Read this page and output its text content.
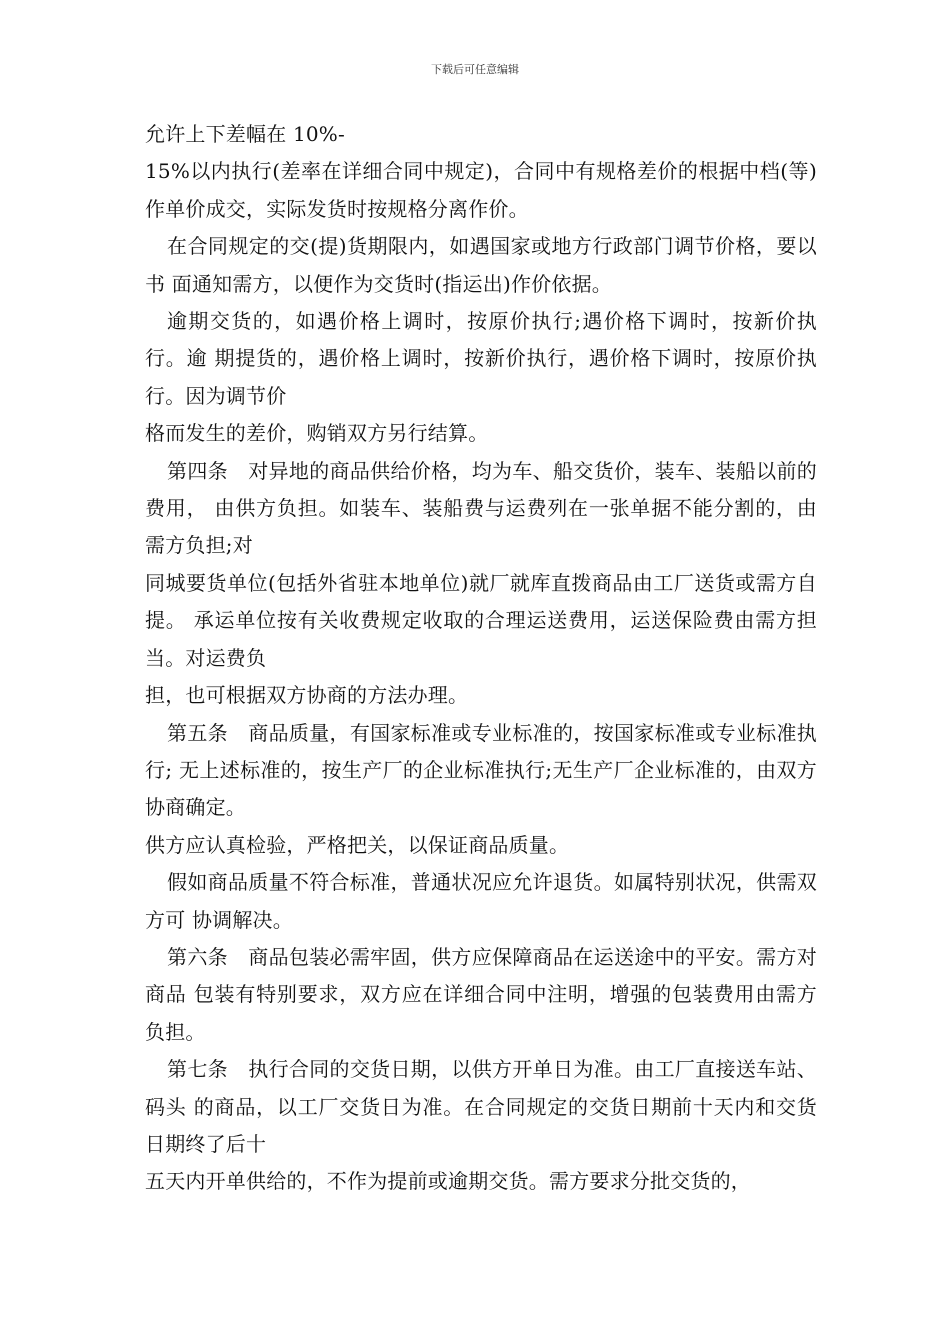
下载后可任意编辑

允许上下差幅在 10%-

15%以内执行(差率在详细合同中规定)，合同中有规格差价的根据中档(等) 作单价成交，实际发货时按规格分离作价。

在合同规定的交(提)货期限内，如遇国家或地方行政部门调节价格，要以书 面通知需方，以便作为交货时(指运出)作价依据。

逾期交货的，如遇价格上调时，按原价执行;遇价格下调时，按新价执行。逾 期提货的，遇价格上调时，按新价执行，遇价格下调时，按原价执行。因为调节价

格而发生的差价，购销双方另行结算。

第四条　对异地的商品供给价格，均为车、船交货价，装车、装船以前的费用， 由供方负担。如装车、装船费与运费列在一张单据不能分割的，由需方负担;对

同城要货单位(包括外省驻本地单位)就厂就库直拨商品由工厂送货或需方自提。 承运单位按有关收费规定收取的合理运送费用，运送保险费由需方担当。对运费负

担，也可根据双方协商的方法办理。

第五条　商品质量，有国家标准或专业标准的，按国家标准或专业标准执行; 无上述标准的，按生产厂的企业标准执行;无生产厂企业标准的，由双方协商确定。

供方应认真检验，严格把关，以保证商品质量。

假如商品质量不符合标准，普通状况应允许退货。如属特别状况，供需双方可 协调解决。

第六条　商品包装必需牢固，供方应保障商品在运送途中的平安。需方对商品 包装有特别要求，双方应在详细合同中注明，增强的包装费用由需方负担。

第七条　执行合同的交货日期，以供方开单日为准。由工厂直接送车站、码头 的商品，以工厂交货日为准。在合同规定的交货日期前十天内和交货日期终了后十

五天内开单供给的，不作为提前或逾期交货。需方要求分批交货的，
